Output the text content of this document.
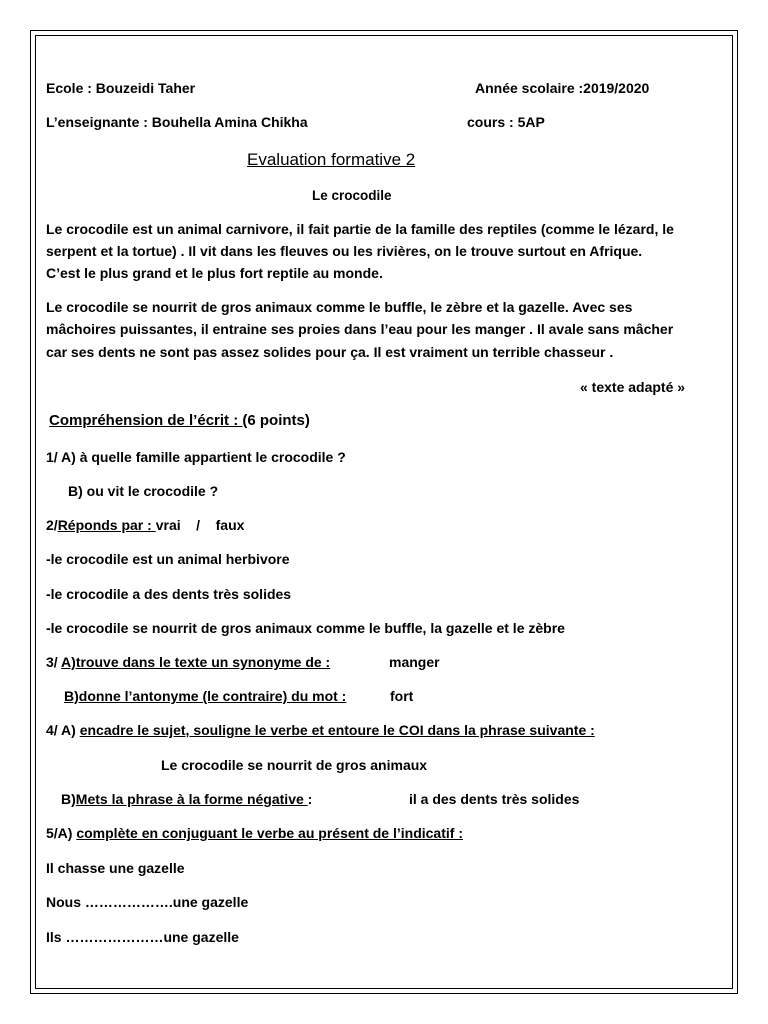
Ecole : Bouzeidi Taher	Année scolaire :2019/2020
L’enseignante : Bouhella Amina Chikha	cours : 5AP
Evaluation formative 2
Le crocodile
Le crocodile est un animal carnivore, il fait partie de la famille des reptiles (comme le lézard, le
serpent et la tortue) . Il vit dans les fleuves ou les rivières, on le trouve surtout en Afrique.
C’est le plus grand et le plus fort reptile au monde.
Le crocodile se nourrit de gros animaux comme le buffle, le zèbre et la gazelle. Avec ses
mâchoires puissantes, il entraine ses proies dans l’eau pour les manger . Il avale sans mâcher
car ses dents ne sont pas assez solides pour ça. Il est vraiment un terrible chasseur .
« texte adapté »
Compréhension de l’écrit : (6 points)
1/ A) à quelle famille appartient le crocodile ?
B) ou vit le crocodile ?
2/Réponds par : vrai    /    faux
-le crocodile est un animal herbivore
-le crocodile a des dents très solides
-le crocodile se nourrit de gros animaux comme le buffle, la gazelle et le zèbre
3/ A)trouve dans le texte un synonyme de :	manger
B)donne l’antonyme (le contraire) du mot :	fort
4/ A) encadre le sujet, souligne le verbe et entoure le COI dans la phrase suivante :
Le crocodile se nourrit de gros animaux
B)Mets la phrase à la forme négative :	il a des dents très solides
5/A) complète en conjuguant le verbe au présent de l’indicatif :
Il chasse une gazelle
Nous ……………….une gazelle
Ils …………………une gazelle
